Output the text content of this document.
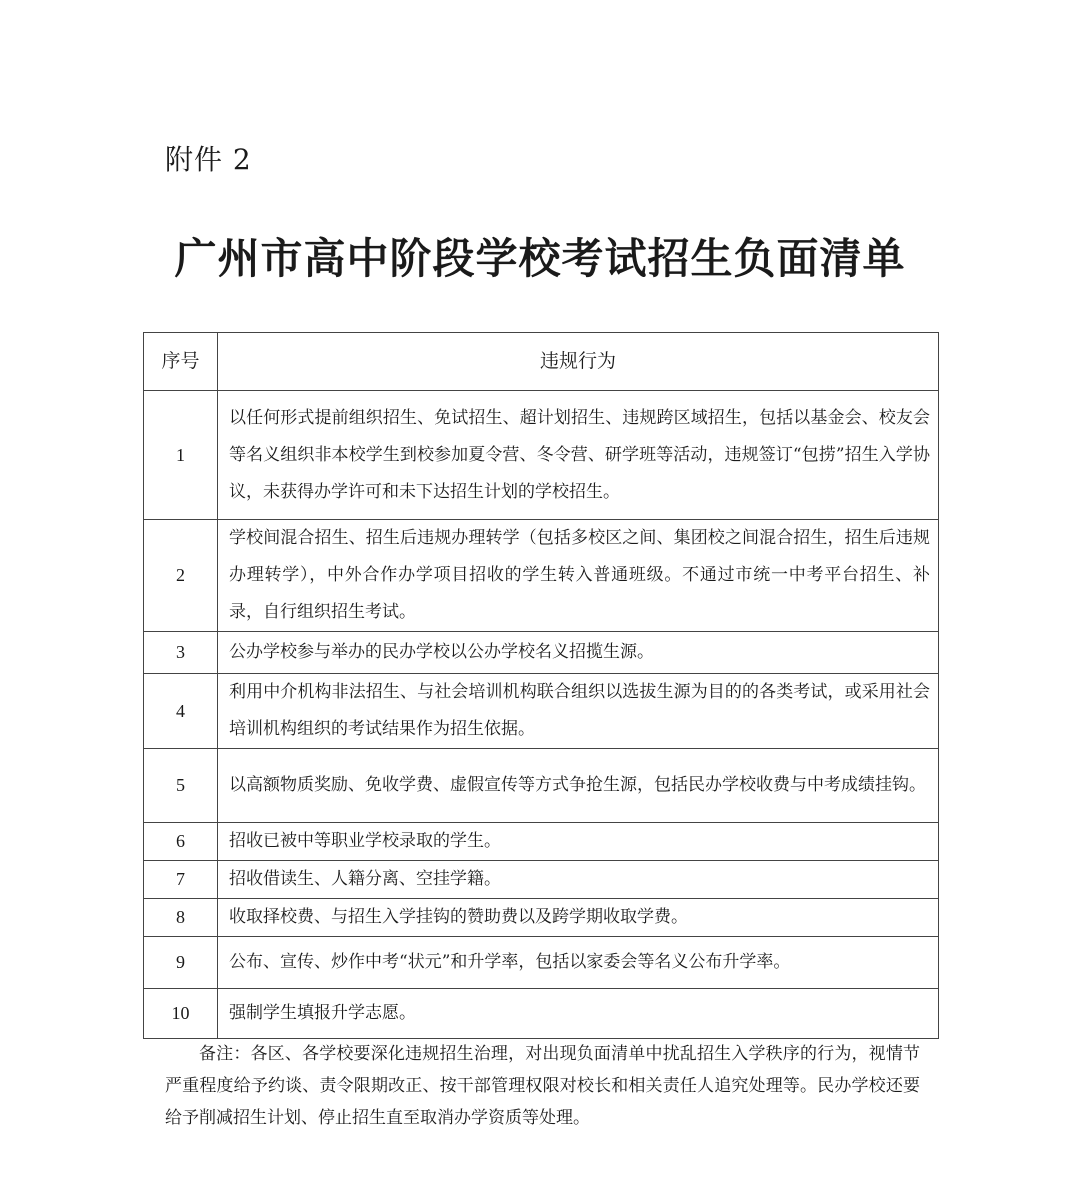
附件 2
广州市高中阶段学校考试招生负面清单
序号	违规行为
1	以任何形式提前组织招生、免试招生、超计划招生、违规跨区域招生，包括以基金会、校友会等名义组织非本校学生到校参加夏令营、冬令营、研学班等活动，违规签订“包捞”招生入学协议，未获得办学许可和未下达招生计划的学校招生。
2	学校间混合招生、招生后违规办理转学（包括多校区之间、集团校之间混合招生，招生后违规办理转学），中外合作办学项目招收的学生转入普通班级。不通过市统一中考平台招生、补录，自行组织招生考试。
3	公办学校参与举办的民办学校以公办学校名义招揽生源。
4	利用中介机构非法招生、与社会培训机构联合组织以选拔生源为目的的各类考试，或采用社会培训机构组织的考试结果作为招生依据。
5	以高额物质奖励、免收学费、虚假宣传等方式争抢生源，包括民办学校收费与中考成绩挂钩。
6	招收已被中等职业学校录取的学生。
7	招收借读生、人籍分离、空挂学籍。
8	收取择校费、与招生入学挂钩的赞助费以及跨学期收取学费。
9	公布、宣传、炒作中考“状元”和升学率，包括以家委会等名义公布升学率。
10	强制学生填报升学志愿。
备注：各区、各学校要深化违规招生治理，对出现负面清单中扰乱招生入学秩序的行为，视情节严重程度给予约谈、责令限期改正、按干部管理权限对校长和相关责任人追究处理等。民办学校还要给予削减招生计划、停止招生直至取消办学资质等处理。
